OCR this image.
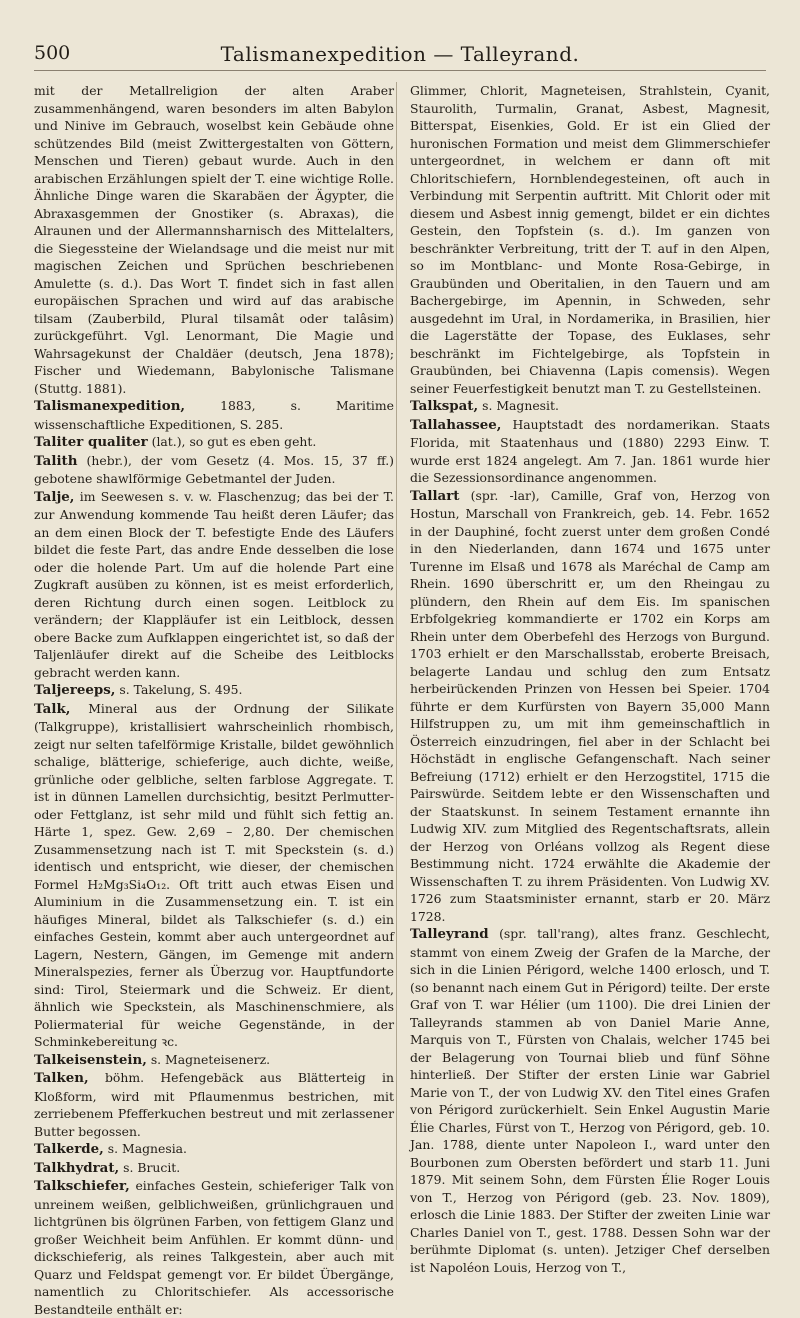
500	Talismanexpedition — Talleyrand.

mit der Metallreligion der alten Araber zusammenhängend, waren besonders im alten Babylon und Ninive im Gebrauch, woselbst kein Gebäude ohne schützendes Bild (meist Zwittergestalten von Göttern, Menschen und Tieren) gebaut wurde. Auch in den arabischen Erzählungen spielt der T. eine wichtige Rolle. Ähnliche Dinge waren die Skarabäen der Ägypter, die Abraxasgemmen der Gnostiker (s. Abraxas), die Alraunen und der Allermannsharnisch des Mittelalters, die Siegessteine der Wielandsage und die meist nur mit magischen Zeichen und Sprüchen beschriebenen Amulette (s. d.). Das Wort T. findet sich in fast allen europäischen Sprachen und wird auf das arabische tilsam (Zauberbild, Plural tilsamât oder talâsim) zurückgeführt. Vgl. Lenormant, Die Magie und Wahrsagekunst der Chaldäer (deutsch, Jena 1878); Fischer und Wiedemann, Babylonische Talismane (Stuttg. 1881).

Talismanexpedition,	1883, s. Maritime wissenschaftliche Expeditionen, S. 285.

Taliter qualiter (lat.), so gut es eben geht.

Talith (hebr.), der vom Gesetz (4. Mos. 15, 37 ff.) gebotene shawlförmige Gebetmantel der Juden.

Talje, im Seewesen s. v. w. Flaschenzug; das bei der T. zur Anwendung kommende Tau heißt deren Läufer; das an dem einen Block der T. befestigte Ende des Läufers bildet die feste Part, das andre Ende desselben die lose oder die holende Part. Um auf die holende Part eine Zugkraft ausüben zu können, ist es meist erforderlich, deren Richtung durch einen sogen. Leitblock zu verändern; der Klappläufer ist ein Leitblock, dessen obere Backe zum Aufklappen eingerichtet ist, so daß der Taljenläufer direkt auf die Scheibe des Leitblocks gebracht werden kann.

Taljereeps, s. Takelung, S. 495.

Talk, Mineral aus der Ordnung der Silikate (Talkgruppe), kristallisiert wahrscheinlich rhombisch, zeigt nur selten tafelförmige Kristalle, bildet gewöhnlich schalige, blätterige, schieferige, auch dichte, weiße, grünliche oder gelbliche, selten farblose Aggregate. T. ist in dünnen Lamellen durchsichtig, besitzt Perlmutter- oder Fettglanz, ist sehr mild und fühlt sich fettig an. Härte 1, spez. Gew. 2,69 – 2,80. Der chemischen Zusammensetzung nach ist T. mit Speckstein (s. d.) identisch und entspricht, wie dieser, der chemischen Formel H₂Mg₃Si₄O₁₂. Oft tritt auch etwas Eisen und Aluminium in die Zusammensetzung ein. T. ist ein häufiges Mineral, bildet als Talkschiefer (s. d.) ein einfaches Gestein, kommt aber auch untergeordnet auf Lagern, Nestern, Gängen, im Gemenge mit andern Mineralspezies, ferner als Überzug vor. Hauptfundorte sind: Tirol, Steiermark und die Schweiz. Er dient, ähnlich wie Speckstein, als Maschinenschmiere, als Poliermaterial für weiche Gegenstände, in der Schminkebereitung ꝛc.

Talkeisenstein, s. Magneteisenerz.

Talken, böhm. Hefengebäck aus Blätterteig in Kloßform, wird mit Pflaumenmus bestrichen, mit zerriebenem Pfefferkuchen bestreut und mit zerlassener Butter begossen.

Talkerde, s. Magnesia.

Talkhydrat, s. Brucit.

Talkschiefer, einfaches Gestein, schieferiger Talk von unreinem weißen, gelblichweißen, grünlichgrauen und lichtgrünen bis ölgrünen Farben, von fettigem Glanz und großer Weichheit beim Anfühlen. Er kommt dünn- und dickschieferig, als reines Talkgestein, aber auch mit Quarz und Feldspat gemengt vor. Er bildet Übergänge, namentlich zu Chloritschiefer. Als accessorische Bestandteile enthält er:

Glimmer, Chlorit, Magneteisen, Strahlstein, Cyanit, Staurolith, Turmalin, Granat, Asbest, Magnesit, Bitterspat, Eisenkies, Gold. Er ist ein Glied der huronischen Formation und meist dem Glimmerschiefer untergeordnet, in welchem er dann oft mit Chloritschiefern, Hornblendegesteinen, oft auch in Verbindung mit Serpentin auftritt. Mit Chlorit oder mit diesem und Asbest innig gemengt, bildet er ein dichtes Gestein, den Topfstein (s. d.). Im ganzen von beschränkter Verbreitung, tritt der T. auf in den Alpen, so im Montblanc- und Monte Rosa-Gebirge, in Graubünden und Oberitalien, in den Tauern und am Bachergebirge, im Apennin, in Schweden, sehr ausgedehnt im Ural, in Nordamerika, in Brasilien, hier die Lagerstätte der Topase, des Euklases, sehr beschränkt im Fichtelgebirge, als Topfstein in Graubünden, bei Chiavenna (Lapis comensis). Wegen seiner Feuerfestigkeit benutzt man T. zu Gestellsteinen.

Talkspat, s. Magnesit.

Tallahassee, Hauptstadt des nordamerikan. Staats Florida, mit Staatenhaus und (1880) 2293 Einw. T. wurde erst 1824 angelegt. Am 7. Jan. 1861 wurde hier die Sezessionsordinance angenommen.

Tallart (spr. -lar), Camille, Graf von, Herzog von Hostun, Marschall von Frankreich, geb. 14. Febr. 1652 in der Dauphiné, focht zuerst unter dem großen Condé in den Niederlanden, dann 1674 und 1675 unter Turenne im Elsaß und 1678 als Maréchal de Camp am Rhein. 1690 überschritt er, um den Rheingau zu plündern, den Rhein auf dem Eis. Im spanischen Erbfolgekrieg kommandierte er 1702 ein Korps am Rhein unter dem Oberbefehl des Herzogs von Burgund. 1703 erhielt er den Marschallsstab, eroberte Breisach, belagerte Landau und schlug den zum Entsatz herbeirückenden Prinzen von Hessen bei Speier. 1704 führte er dem Kurfürsten von Bayern 35,000 Mann Hilfstruppen zu, um mit ihm gemeinschaftlich in Österreich einzudringen, fiel aber in der Schlacht bei Höchstädt in englische Gefangenschaft. Nach seiner Befreiung (1712) erhielt er den Herzogstitel, 1715 die Pairswürde. Seitdem lebte er den Wissenschaften und der Staatskunst. In seinem Testament ernannte ihn Ludwig XIV. zum Mitglied des Regentschaftsrats, allein der Herzog von Orléans vollzog als Regent diese Bestimmung nicht. 1724 erwählte die Akademie der Wissenschaften T. zu ihrem Präsidenten. Von Ludwig XV. 1726 zum Staatsminister ernannt, starb er 20. März 1728.

Talleyrand (spr. tall'rang), altes franz. Geschlecht, stammt von einem Zweig der Grafen de la Marche, der sich in die Linien Périgord, welche 1400 erlosch, und T. (so benannt nach einem Gut in Périgord) teilte. Der erste Graf von T. war Hélier (um 1100). Die drei Linien der Talleyrands stammen ab von Daniel Marie Anne, Marquis von T., Fürsten von Chalais, welcher 1745 bei der Belagerung von Tournai blieb und fünf Söhne hinterließ. Der Stifter der ersten Linie war Gabriel Marie von T., der von Ludwig XV. den Titel eines Grafen von Périgord zurückerhielt. Sein Enkel Augustin Marie Élie Charles, Fürst von T., Herzog von Périgord, geb. 10. Jan. 1788, diente unter Napoleon I., ward unter den Bourbonen zum Obersten befördert und starb 11. Juni 1879. Mit seinem Sohn, dem Fürsten Élie Roger Louis von T., Herzog von Périgord (geb. 23. Nov. 1809), erlosch die Linie 1883. Der Stifter der zweiten Linie war Charles Daniel von T., gest. 1788. Dessen Sohn war der berühmte Diplomat (s. unten). Jetziger Chef derselben ist Napoléon Louis, Herzog von T.,
